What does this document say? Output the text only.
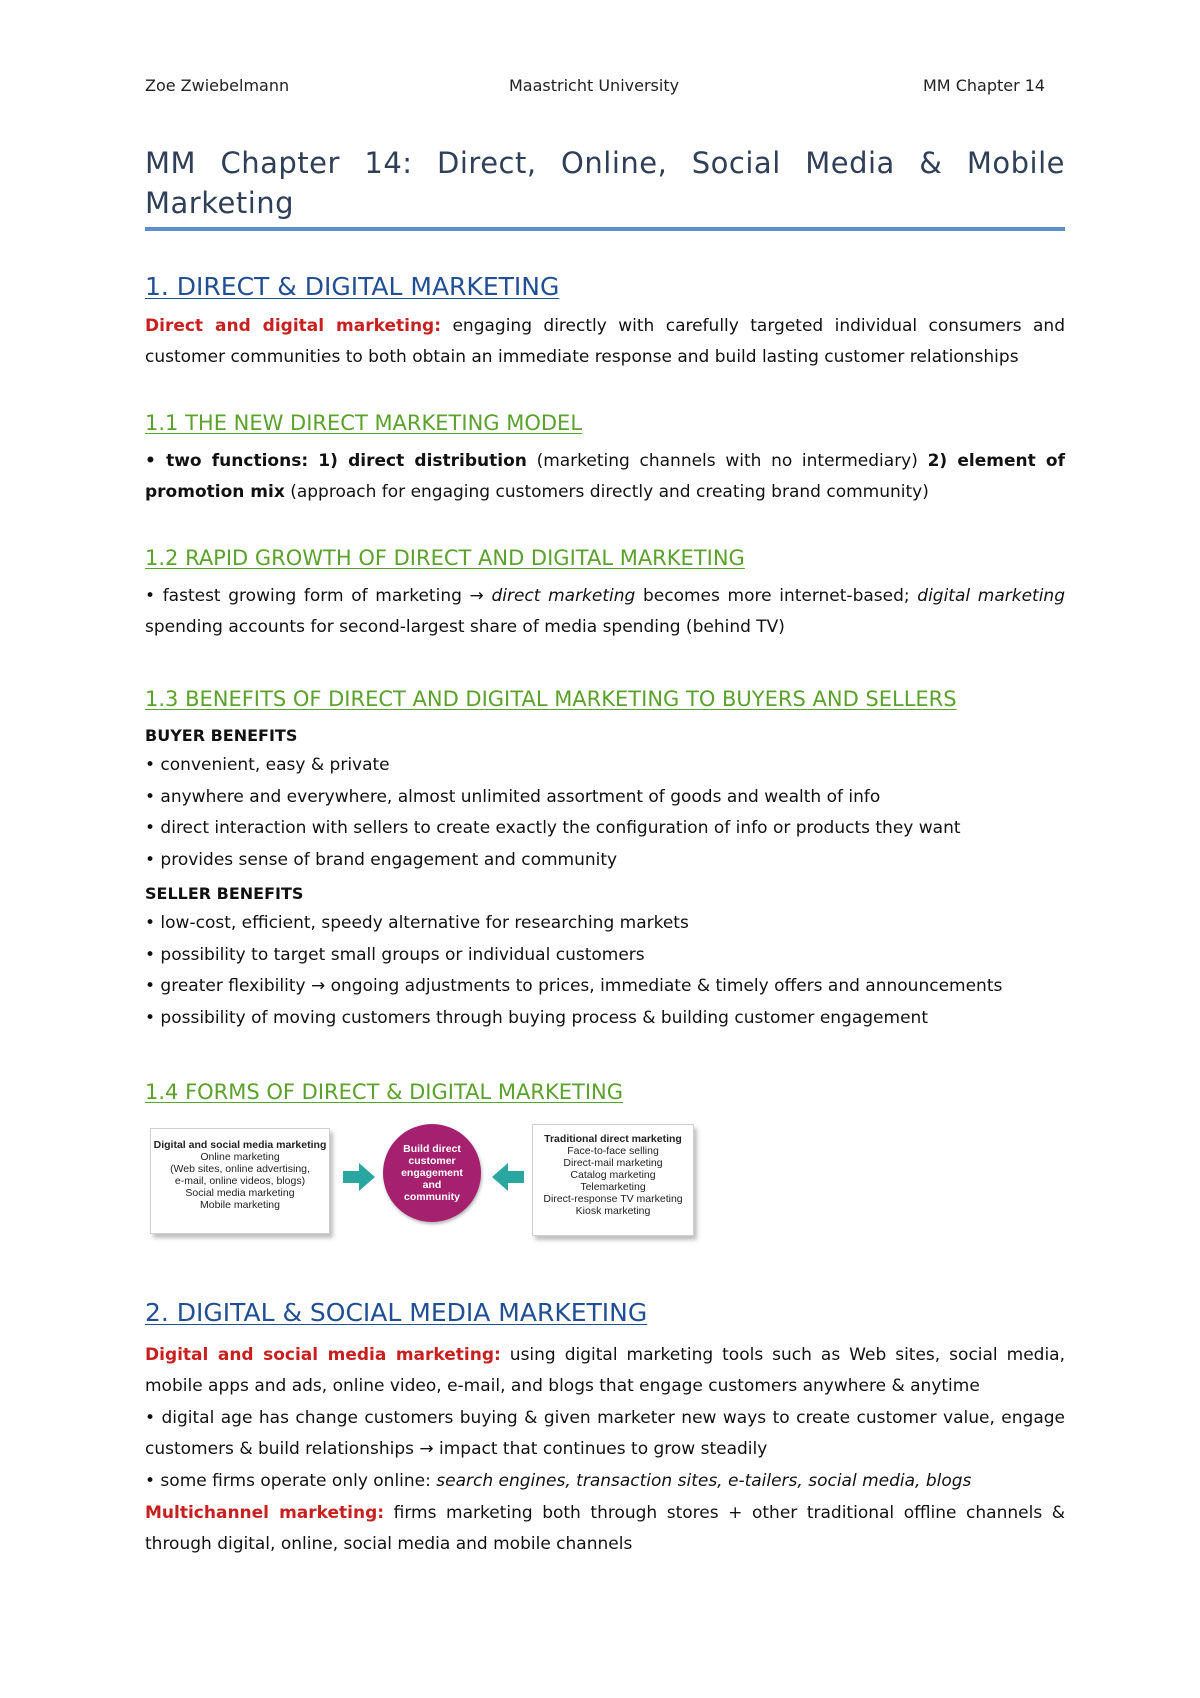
Zoe Zwiebelmann	Maastricht University	MM Chapter 14
MM Chapter 14: Direct, Online, Social Media & Mobile Marketing
1. DIRECT & DIGITAL MARKETING
Direct and digital marketing: engaging directly with carefully targeted individual consumers and customer communities to both obtain an immediate response and build lasting customer relationships
1.1 THE NEW DIRECT MARKETING MODEL
• two functions: 1) direct distribution (marketing channels with no intermediary) 2) element of promotion mix (approach for engaging customers directly and creating brand community)
1.2 RAPID GROWTH OF DIRECT AND DIGITAL MARKETING
• fastest growing form of marketing → direct marketing becomes more internet-based; digital marketing spending accounts for second-largest share of media spending (behind TV)
1.3 BENEFITS OF DIRECT AND DIGITAL MARKETING TO BUYERS AND SELLERS
BUYER BENEFITS
• convenient, easy & private
• anywhere and everywhere, almost unlimited assortment of goods and wealth of info
• direct interaction with sellers to create exactly the configuration of info or products they want
• provides sense of brand engagement and community
SELLER BENEFITS
• low-cost, efficient, speedy alternative for researching markets
• possibility to target small groups or individual customers
• greater flexibility → ongoing adjustments to prices, immediate & timely offers and announcements
• possibility of moving customers through buying process & building customer engagement
1.4 FORMS OF DIRECT & DIGITAL MARKETING
Digital and social media marketing
Online marketing
(Web sites, online advertising,
e-mail, online videos, blogs)
Social media marketing
Mobile marketing
Build direct
customer
engagement
and
community
Traditional direct marketing
Face-to-face selling
Direct-mail marketing
Catalog marketing
Telemarketing
Direct-response TV marketing
Kiosk marketing
2. DIGITAL & SOCIAL MEDIA MARKETING
Digital and social media marketing: using digital marketing tools such as Web sites, social media, mobile apps and ads, online video, e-mail, and blogs that engage customers anywhere & anytime
• digital age has change customers buying & given marketer new ways to create customer value, engage customers & build relationships → impact that continues to grow steadily
• some firms operate only online: search engines, transaction sites, e-tailers, social media, blogs
Multichannel marketing: firms marketing both through stores + other traditional offline channels & through digital, online, social media and mobile channels
